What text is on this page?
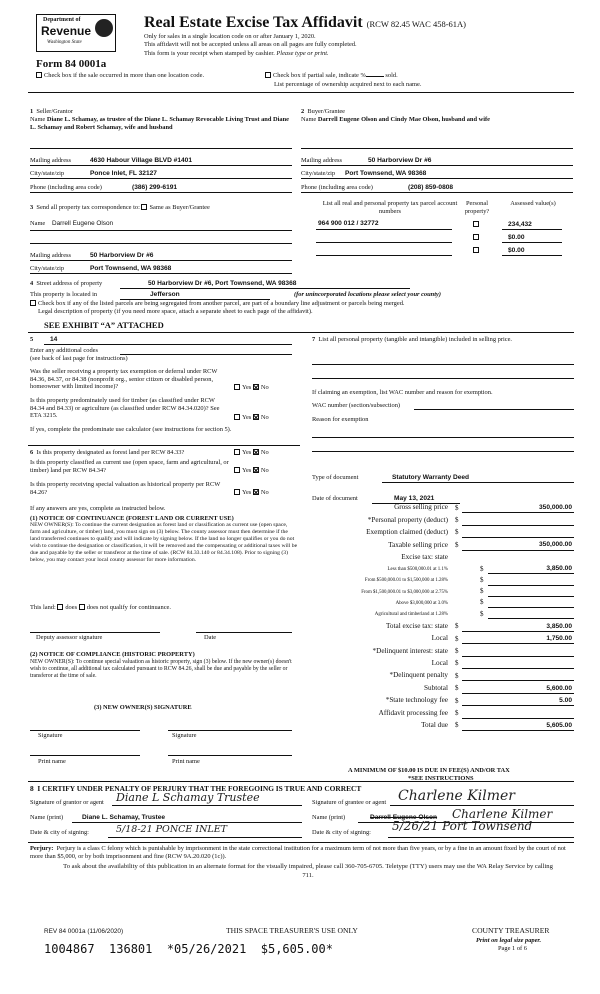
Department of
Revenue
Washington State
Real Estate Excise Tax Affidavit (RCW 82.45 WAC 458-61A)
Only for sales in a single location code on or after January 1, 2020.
This affidavit will not be accepted unless all areas on all pages are fully completed.
This form is your receipt when stamped by cashier. Please type or print.
Form 84 0001a
Check box if the sale occurred in more than one location code.	Check box if partial sale, indicate %	sold.
List percentage of ownership acquired next to each name.
1 Seller/Grantor
Name Diane L. Schamay, as trustee of the Diane L. Schamay Revocable Living Trust and Diane L. Schamay and Robert Schamay, wife and husband
Mailing address	4630 Habour Village BLVD #1401
City/state/zip	Ponce Inlet, FL 32127
Phone (including area code)	(386) 299-6191
2 Buyer/Grantee
Name Darrell Eugene Olson and Cindy Mae Olson, husband and wife
Mailing address	50 Harborview Dr #6
City/state/zip Port Townsend, WA 98368
Phone (including area code)	(208) 859-0808
3 Send all property tax correspondence to: Same as Buyer/Grantee
Name Darrell Eugene Olson
Mailing address	50 Harborview Dr #6
City/state/zip	Port Townsend, WA 98368
List all real and personal property tax parcel account numbers
Personal property?
Assessed value(s)
964 900 012 / 32772	234,432
$0.00
$0.00
4 Street address of property	50 Harborview Dr #6, Port Townsend, WA 98368
This property is located in	Jefferson	(for unincorporated locations please select your county)
Check box if any of the listed parcels are being segregated from another parcel, are part of a boundary line adjustment or parcels being merged.
Legal description of property (if you need more space, attach a separate sheet to each page of the affidavit).
SEE EXHIBIT “A” ATTACHED
5	14
Enter any additional codes
(see back of last page for instructions)
Was the seller receiving a property tax exemption or deferral under RCW 84.36, 84.37, or 84.38 (nonprofit org., senior citizen or disabled person, homeowner with limited income)?	Yes No
Is this property predominately used for timber (as classified under RCW 84.34 and 84.33) or agriculture (as classified under RCW 84.34.020)? See ETA 3215.	Yes No
If yes, complete the predominate use calculator (see instructions for section 5).
6 Is this property designated as forest land per RCW 84.33?	Yes No
Is this property classified as current use (open space, farm and agricultural, or timber) land per RCW 84.34?	Yes No
Is this property receiving special valuation as historical property per RCW 84.26?	Yes No
If any answers are yes, complete as instructed below.
(1) NOTICE OF CONTINUANCE (FOREST LAND OR CURRENT USE)
NEW OWNER(S): To continue the current designation as forest land or classification as current use (open space, farm and agriculture, or timber) land, you must sign on (3) below. The county assessor must then determine if the land transferred continues to qualify and will indicate by signing below. If the land no longer qualifies or you do not wish to continue the designation or classification, it will be removed and the compensating or additional taxes will be due and payable by the seller or transferor at the time of sale. (RCW 84.33.140 or 84.34.108). Prior to signing (3) below, you may contact your local county assessor for more information.
This land: does does not qualify for continuance.
Deputy assessor signature	Date
(2) NOTICE OF COMPLIANCE (HISTORIC PROPERTY)
NEW OWNER(S): To continue special valuation as historic property, sign (3) below. If the new owner(s) doesn't wish to continue, all additional tax calculated pursuant to RCW 84.26, shall be due and payable by the seller or transferor at the time of sale.
(3) NEW OWNER(S) SIGNATURE
Signature	Signature
Print name	Print name
7 List all personal property (tangible and intangible) included in selling price.
If claiming an exemption, list WAC number and reason for exemption.
WAC number (section/subsection)
Reason for exemption
Type of document	Statutory Warranty Deed
Date of document	May 13, 2021
Gross selling price $	350,000.00
*Personal property (deduct) $
Exemption claimed (deduct) $
Taxable selling price $	350,000.00
Excise tax: state
Less than $500,000.01 at 1.1%	$	3,850.00
From $500,000.01 to $1,500,000 at 1.28%	$
From $1,500,000.01 to $3,000,000 at 2.75%	$
Above $3,000,000 at 3.0%	$
Agricultural and timberland at 1.28%	$
Total excise tax: state $	3,850.00
Local $	1,750.00
*Delinquent interest: state $
Local $
*Delinquent penalty $
Subtotal $	5,600.00
*State technology fee $	5.00
Affidavit processing fee $
Total due $	5,605.00
A MINIMUM OF $10.00 IS DUE IN FEE(S) AND/OR TAX
*SEE INSTRUCTIONS
8 I CERTIFY UNDER PENALTY OF PERJURY THAT THE FOREGOING IS TRUE AND CORRECT
Signature of grantor or agent Diane L Schamay Trustee	Signature of grantee or agent Charlene Kilmer
Name (print)	Diane L. Schamay, Trustee	Name (print)	Darrell Eugene Olson Charlene Kilmer
Date & city of signing:	5/18-21 PONCE INLET	Date & city of signing: 5/26/21 Port Townsend
Perjury: Perjury is a class C felony which is punishable by imprisonment in the state correctional institution for a maximum term of not more than five years, or by a fine in an amount fixed by the court of not more than $5,000, or by both imprisonment and fine (RCW 9A.20.020 (1c)).
To ask about the availability of this publication in an alternate format for the visually impaired, please call 360-705-6705. Teletype (TTY) users may use the WA Relay Service by calling 711.
REV 84 0001a (11/06/2020)	THIS SPACE TREASURER'S USE ONLY	COUNTY TREASURER
1004867  136801  *05/26/2021  $5,605.00*
Print on legal size paper.
Page 1 of 6
